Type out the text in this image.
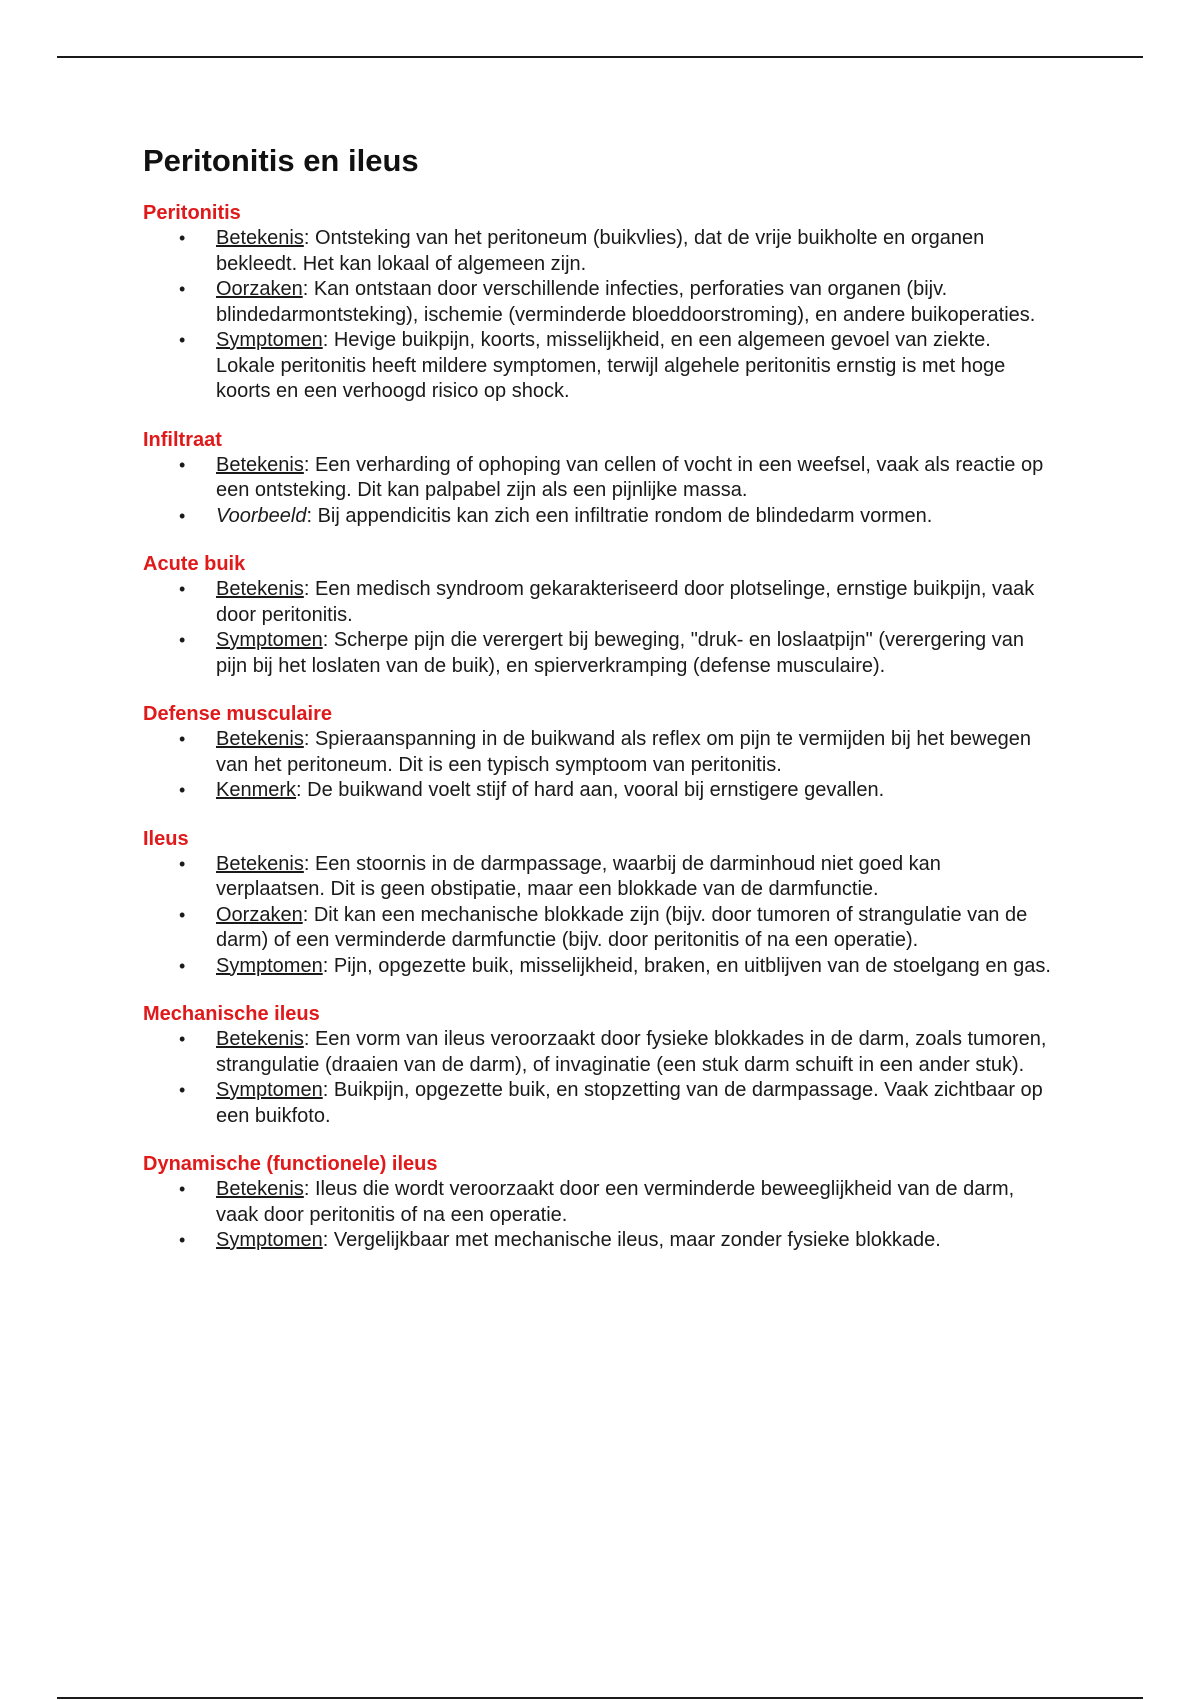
Peritonitis en ileus
Peritonitis
• Betekenis: Ontsteking van het peritoneum (buikvlies), dat de vrije buikholte en organen bekleedt. Het kan lokaal of algemeen zijn.
• Oorzaken: Kan ontstaan door verschillende infecties, perforaties van organen (bijv. blindedarmontsteking), ischemie (verminderde bloeddoorstroming), en andere buikoperaties.
• Symptomen: Hevige buikpijn, koorts, misselijkheid, en een algemeen gevoel van ziekte. Lokale peritonitis heeft mildere symptomen, terwijl algehele peritonitis ernstig is met hoge koorts en een verhoogd risico op shock.
Infiltraat
• Betekenis: Een verharding of ophoping van cellen of vocht in een weefsel, vaak als reactie op een ontsteking. Dit kan palpabel zijn als een pijnlijke massa.
• Voorbeeld: Bij appendicitis kan zich een infiltratie rondom de blindedarm vormen.
Acute buik
• Betekenis: Een medisch syndroom gekarakteriseerd door plotselinge, ernstige buikpijn, vaak door peritonitis.
• Symptomen: Scherpe pijn die verergert bij beweging, "druk- en loslaatpijn" (verergering van pijn bij het loslaten van de buik), en spierverkramping (defense musculaire).
Defense musculaire
• Betekenis: Spieraanspanning in de buikwand als reflex om pijn te vermijden bij het bewegen van het peritoneum. Dit is een typisch symptoom van peritonitis.
• Kenmerk: De buikwand voelt stijf of hard aan, vooral bij ernstigere gevallen.
Ileus
• Betekenis: Een stoornis in de darmpassage, waarbij de darminhoud niet goed kan verplaatsen. Dit is geen obstipatie, maar een blokkade van de darmfunctie.
• Oorzaken: Dit kan een mechanische blokkade zijn (bijv. door tumoren of strangulatie van de darm) of een verminderde darmfunctie (bijv. door peritonitis of na een operatie).
• Symptomen: Pijn, opgezette buik, misselijkheid, braken, en uitblijven van de stoelgang en gas.
Mechanische ileus
• Betekenis: Een vorm van ileus veroorzaakt door fysieke blokkades in de darm, zoals tumoren, strangulatie (draaien van de darm), of invaginatie (een stuk darm schuift in een ander stuk).
• Symptomen: Buikpijn, opgezette buik, en stopzetting van de darmpassage. Vaak zichtbaar op een buikfoto.
Dynamische (functionele) ileus
• Betekenis: Ileus die wordt veroorzaakt door een verminderde beweeglijkheid van de darm, vaak door peritonitis of na een operatie.
• Symptomen: Vergelijkbaar met mechanische ileus, maar zonder fysieke blokkade.
